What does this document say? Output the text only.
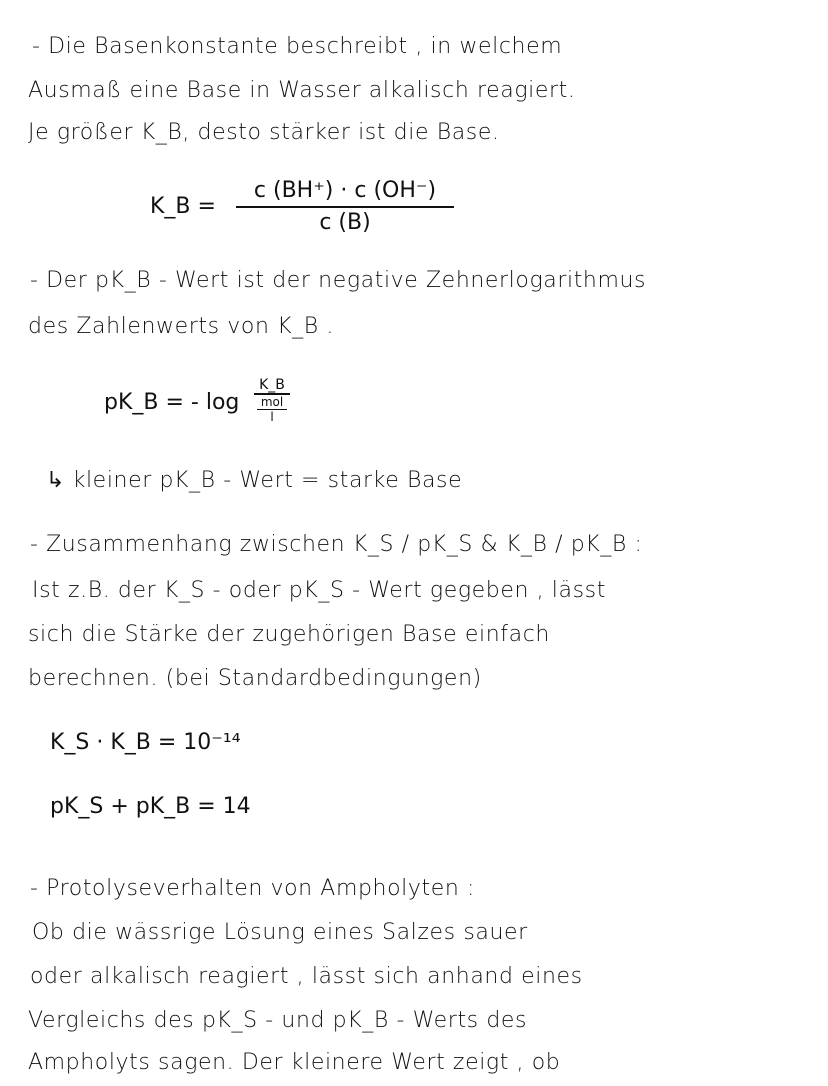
- Die Basenkonstante beschreibt , in welchem
Ausmaß eine Base in Wasser alkalisch reagiert.
Je größer K_B, desto stärker ist die Base.
K_B =
c (BH⁺) · c (OH⁻)
c (B)
- Der pK_B - Wert ist der negative Zehnerlogarithmus
des Zahlenwerts von K_B .
pK_B = - log
K_B
mol
l
↳ kleiner pK_B - Wert = starke Base
- Zusammenhang zwischen K_S / pK_S & K_B / pK_B :
Ist z.B. der K_S - oder pK_S - Wert gegeben , lässt
sich die Stärke der zugehörigen Base einfach
berechnen. (bei Standardbedingungen)
K_S · K_B = 10⁻¹⁴
pK_S + pK_B = 14
- Protolyseverhalten von Ampholyten :
Ob die wässrige Lösung eines Salzes sauer
oder alkalisch reagiert , lässt sich anhand eines
Vergleichs des pK_S - und pK_B - Werts des
Ampholyts sagen. Der kleinere Wert zeigt , ob
